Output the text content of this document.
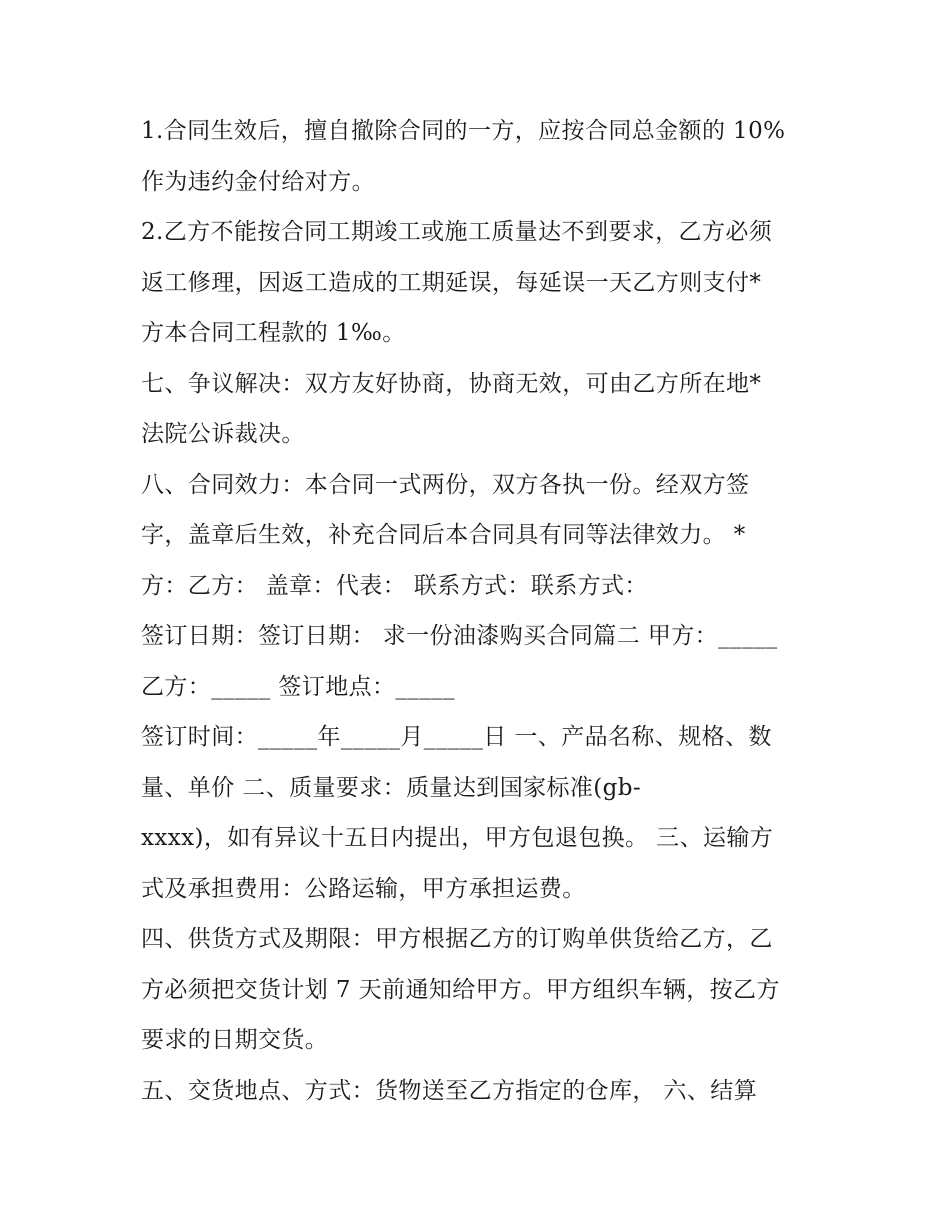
1.合同生效后，擅自撤除合同的一方，应按合同总金额的 10%
作为违约金付给对方。
2.乙方不能按合同工期竣工或施工质量达不到要求，乙方必须
返工修理，因返工造成的工期延误，每延误一天乙方则支付*
方本合同工程款的 1‰。
七、争议解决：双方友好协商，协商无效，可由乙方所在地*
法院公诉裁决。
八、合同效力：本合同一式两份，双方各执一份。经双方签
字，盖章后生效，补充合同后本合同具有同等法律效力。 *
方：乙方： 盖章：代表： 联系方式：联系方式：
签订日期：签订日期： 求一份油漆购买合同篇二 甲方：_____
乙方：_____ 签订地点：_____
签订时间：_____年_____月_____日 一、产品名称、规格、数
量、单价 二、质量要求：质量达到国家标准(gb-
xxxx)，如有异议十五日内提出，甲方包退包换。 三、运输方
式及承担费用：公路运输，甲方承担运费。
四、供货方式及期限：甲方根据乙方的订购单供货给乙方，乙
方必须把交货计划 7 天前通知给甲方。甲方组织车辆，按乙方
要求的日期交货。
五、交货地点、方式：货物送至乙方指定的仓库， 六、结算
